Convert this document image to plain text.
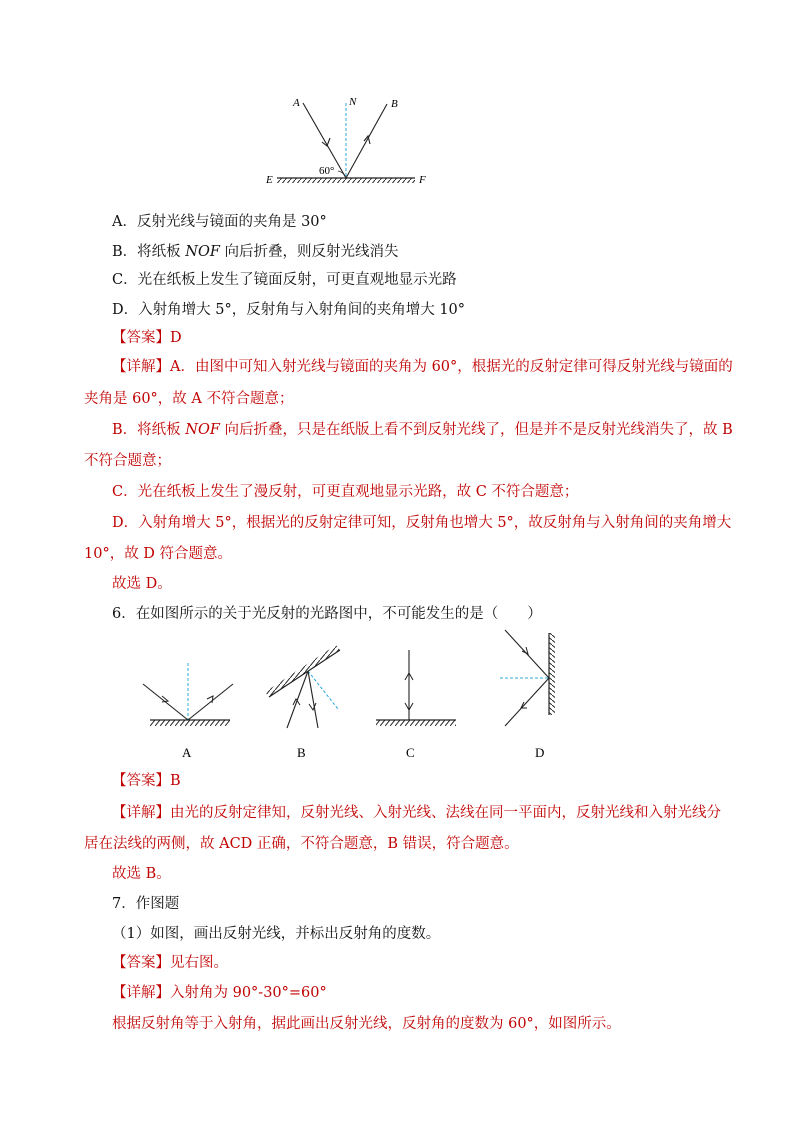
A	N	B
E	F
60°
A	B	C	D
A．反射光线与镜面的夹角是 30°
B．将纸板 NOF 向后折叠，则反射光线消失
C．光在纸板上发生了镜面反射，可更直观地显示光路
D．入射角增大 5°，反射角与入射角间的夹角增大 10°
【答案】D
【详解】A．由图中可知入射光线与镜面的夹角为 60°，根据光的反射定律可得反射光线与镜面的
夹角是 60°，故 A 不符合题意；
B．将纸板 NOF 向后折叠，只是在纸版上看不到反射光线了，但是并不是反射光线消失了，故 B
不符合题意；
C．光在纸板上发生了漫反射，可更直观地显示光路，故 C 不符合题意；
D．入射角增大 5°，根据光的反射定律可知，反射角也增大 5°，故反射角与入射角间的夹角增大
10°，故 D 符合题意。
故选 D。
6．在如图所示的关于光反射的光路图中，不可能发生的是（　　）
【答案】B
【详解】由光的反射定律知，反射光线、入射光线、法线在同一平面内，反射光线和入射光线分
居在法线的两侧，故 ACD 正确，不符合题意，B 错误，符合题意。
故选 B。
7．作图题
（1）如图，画出反射光线，并标出反射角的度数。
【答案】见右图。
【详解】入射角为 90°-30°=60°
根据反射角等于入射角，据此画出反射光线，反射角的度数为 60°，如图所示。
